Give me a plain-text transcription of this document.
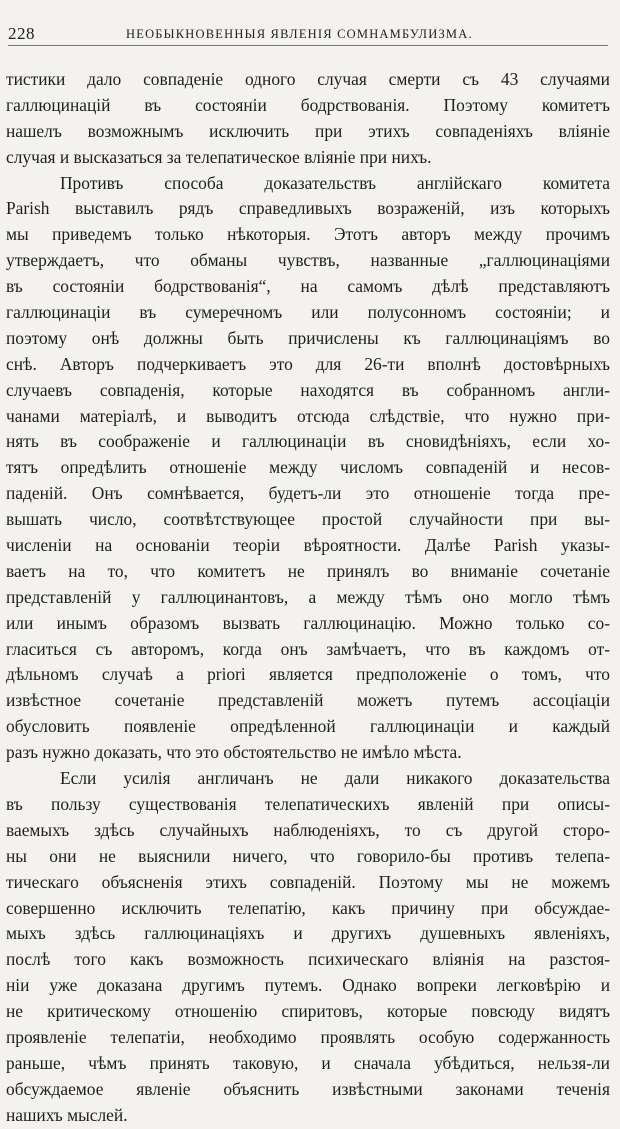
228	НЕОБЫКНОВЕННЫЯ ЯВЛЕНІЯ СОМНАМБУЛИЗМА.
тистики дало совпаденіе одного случая смерти съ 43 случаями
галлюцинацій въ состояніи бодрствованія. Поэтому комитетъ
нашелъ возможнымъ исключить при этихъ совпаденіяхъ вліяніе
случая и высказаться за телепатическое вліяніе при нихъ.
Противъ способа доказательствъ англійскаго комитета
Parish выставилъ рядъ справедливыхъ возраженій, изъ которыхъ
мы приведемъ только нѣкоторыя. Этотъ авторъ между прочимъ
утверждаетъ, что обманы чувствъ, названные „галлюцинаціями
въ состояніи бодрствованія“, на самомъ дѣлѣ представляютъ
галлюцинаціи въ сумеречномъ или полусонномъ состояніи; и
поэтому онѣ должны быть причислены къ галлюцинаціямъ во
снѣ. Авторъ подчеркиваетъ это для 26-ти вполнѣ достовѣрныхъ
случаевъ совпаденія, которые находятся въ собранномъ англи-
чанами матеріалѣ, и выводитъ отсюда слѣдствіе, что нужно при-
нять въ соображеніе и галлюцинаціи въ сновидѣніяхъ, если хо-
тятъ опредѣлить отношеніе между числомъ совпаденій и несов-
паденій. Онъ сомнѣвается, будетъ-ли это отношеніе тогда пре-
вышать число, соотвѣтствующее простой случайности при вы-
численіи на основаніи теоріи вѣроятности. Далѣе Parish указы-
ваетъ на то, что комитетъ не принялъ во вниманіе сочетаніе
представленій у галлюцинантовъ, а между тѣмъ оно могло тѣмъ
или инымъ образомъ вызвать галлюцинацію. Можно только со-
гласиться съ авторомъ, когда онъ замѣчаетъ, что въ каждомъ от-
дѣльномъ случаѣ a priori является предположеніе о томъ, что
извѣстное сочетаніе представленій можетъ путемъ ассоціаціи
обусловить появленіе опредѣленной галлюцинаціи и каждый
разъ нужно доказать, что это обстоятельство не имѣло мѣста.
Если усилія англичанъ не дали никакого доказательства
въ пользу существованія телепатическихъ явленій при описы-
ваемыхъ здѣсь случайныхъ наблюденіяхъ, то съ другой сторо-
ны они не выяснили ничего, что говорило-бы противъ телепа-
тическаго объясненія этихъ совпаденій. Поэтому мы не можемъ
совершенно исключить телепатію, какъ причину при обсуждае-
мыхъ здѣсь галлюцинаціяхъ и другихъ душевныхъ явленіяхъ,
послѣ того какъ возможность психическаго вліянія на разстоя-
ніи уже доказана другимъ путемъ. Однако вопреки легковѣрію и
не критическому отношенію спиритовъ, которые повсюду видятъ
проявленіе телепатіи, необходимо проявлять особую содержанность
раньше, чѣмъ принять таковую, и сначала убѣдиться, нельзя-ли
обсуждаемое явленіе объяснить извѣстными законами теченія
нашихъ мыслей.
